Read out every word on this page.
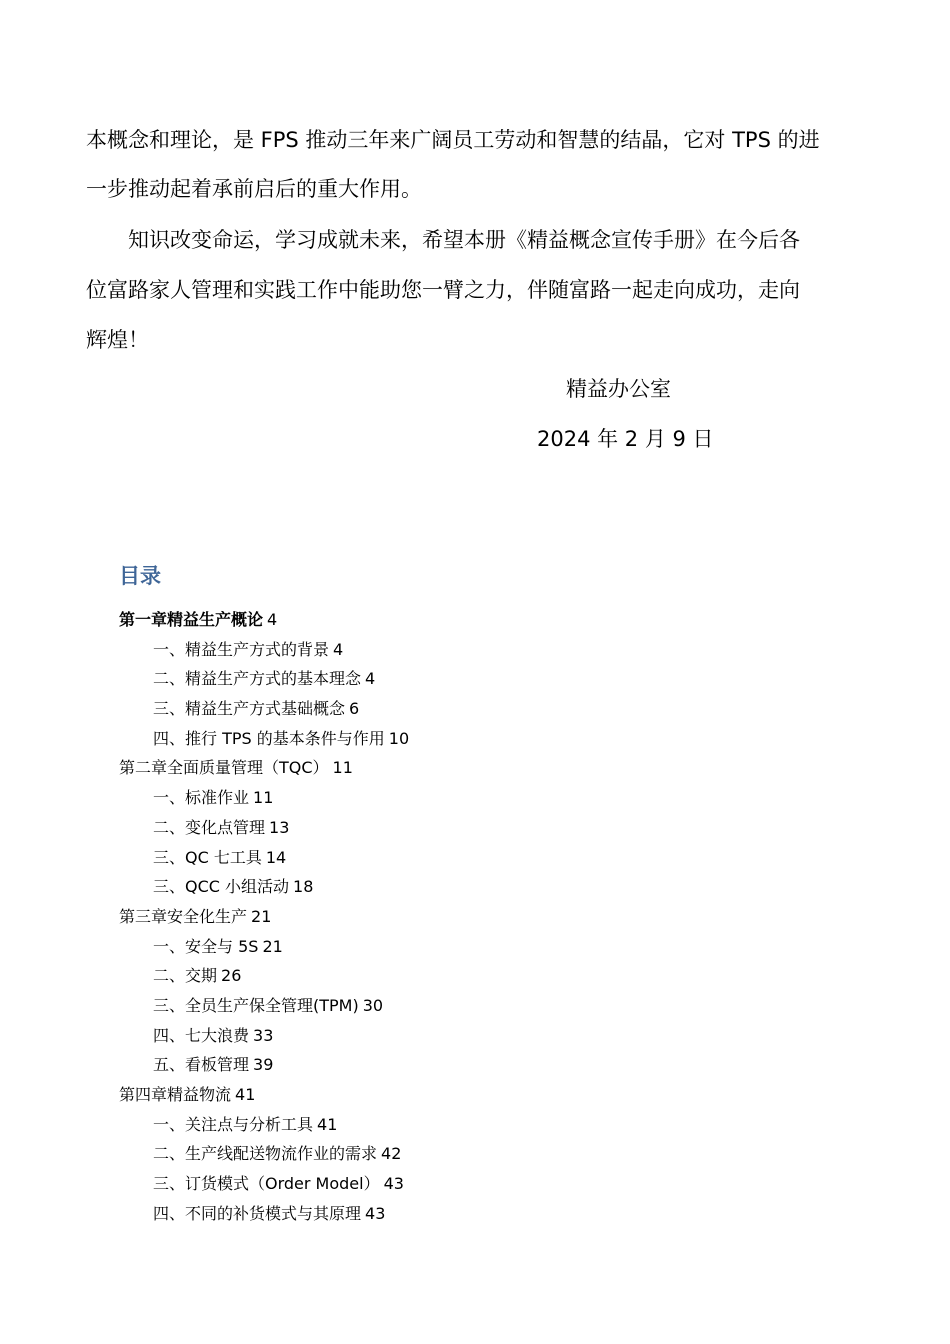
本概念和理论，是 FPS 推动三年来广阔员工劳动和智慧的结晶，它对 TPS 的进
一步推动起着承前启后的重大作用。
知识改变命运，学习成就未来，希望本册《精益概念宣传手册》在今后各
位富路家人管理和实践工作中能助您一臂之力，伴随富路一起走向成功，走向
辉煌！
精益办公室
2024 年 2 月 9 日
目录
第一章精益生产概论 4
一、精益生产方式的背景 4
二、精益生产方式的基本理念 4
三、精益生产方式基础概念 6
四、推行 TPS 的基本条件与作用 10
第二章全面质量管理（TQC） 11
一、标准作业 11
二、变化点管理 13
三、QC 七工具 14
三、QCC 小组活动 18
第三章安全化生产 21
一、安全与 5S 21
二、交期 26
三、全员生产保全管理(TPM) 30
四、七大浪费 33
五、看板管理 39
第四章精益物流 41
一、关注点与分析工具 41
二、生产线配送物流作业的需求 42
三、订货模式（Order Model） 43
四、不同的补货模式与其原理 43
